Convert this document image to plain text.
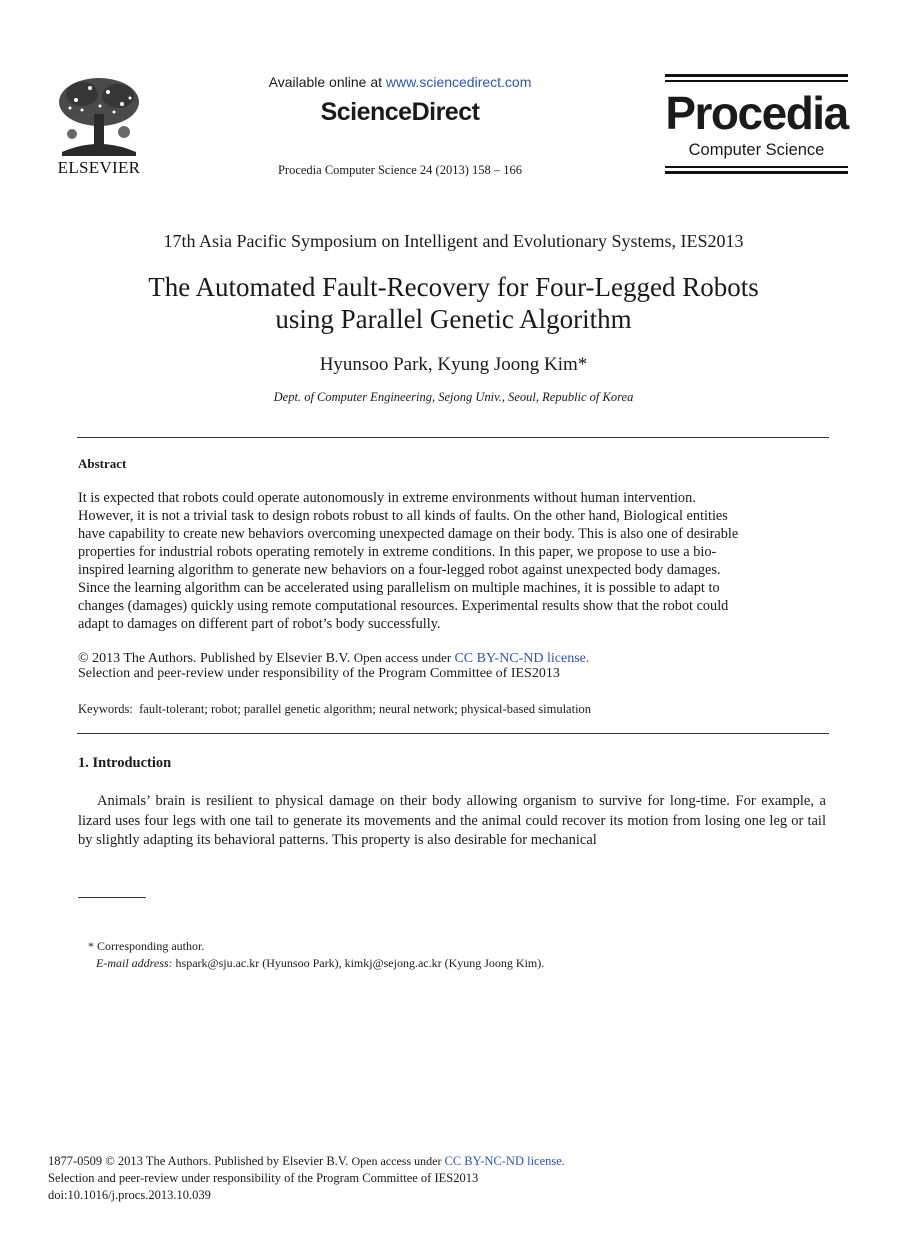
ELSEVIER
Available online at www.sciencedirect.com
ScienceDirect
Procedia Computer Science 24 (2013) 158 – 166
Procedia
Computer Science
17th Asia Pacific Symposium on Intelligent and Evolutionary Systems, IES2013
The Automated Fault-Recovery for Four-Legged Robots
using Parallel Genetic Algorithm
Hyunsoo Park, Kyung Joong Kim*
Dept. of Computer Engineering, Sejong Univ., Seoul, Republic of Korea
Abstract
It is expected that robots could operate autonomously in extreme environments without human intervention.
However, it is not a trivial task to design robots robust to all kinds of faults. On the other hand, Biological entities
have capability to create new behaviors overcoming unexpected damage on their body. This is also one of desirable
properties for industrial robots operating remotely in extreme conditions. In this paper, we propose to use a bio-
inspired learning algorithm to generate new behaviors on a four-legged robot against unexpected body damages.
Since the learning algorithm can be accelerated using parallelism on multiple machines, it is possible to adapt to
changes (damages) quickly using remote computational resources. Experimental results show that the robot could
adapt to damages on different part of robot’s body successfully.
© 2013 The Authors. Published by Elsevier B.V. Open access under CC BY-NC-ND license.
Selection and peer-review under responsibility of the Program Committee of IES2013
Keywords: fault-tolerant; robot; parallel genetic algorithm; neural network; physical-based simulation
1. Introduction
Animals’ brain is resilient to physical damage on their body allowing organism to survive for long-time. For example, a lizard uses four legs with one tail to generate its movements and the animal could recover its motion from losing one leg or tail by slightly adapting its behavioral patterns. This property is also desirable for mechanical
* Corresponding author.
E-mail address: hspark@sju.ac.kr (Hyunsoo Park), kimkj@sejong.ac.kr (Kyung Joong Kim).
1877-0509 © 2013 The Authors. Published by Elsevier B.V. Open access under CC BY-NC-ND license.
Selection and peer-review under responsibility of the Program Committee of IES2013
doi:10.1016/j.procs.2013.10.039
